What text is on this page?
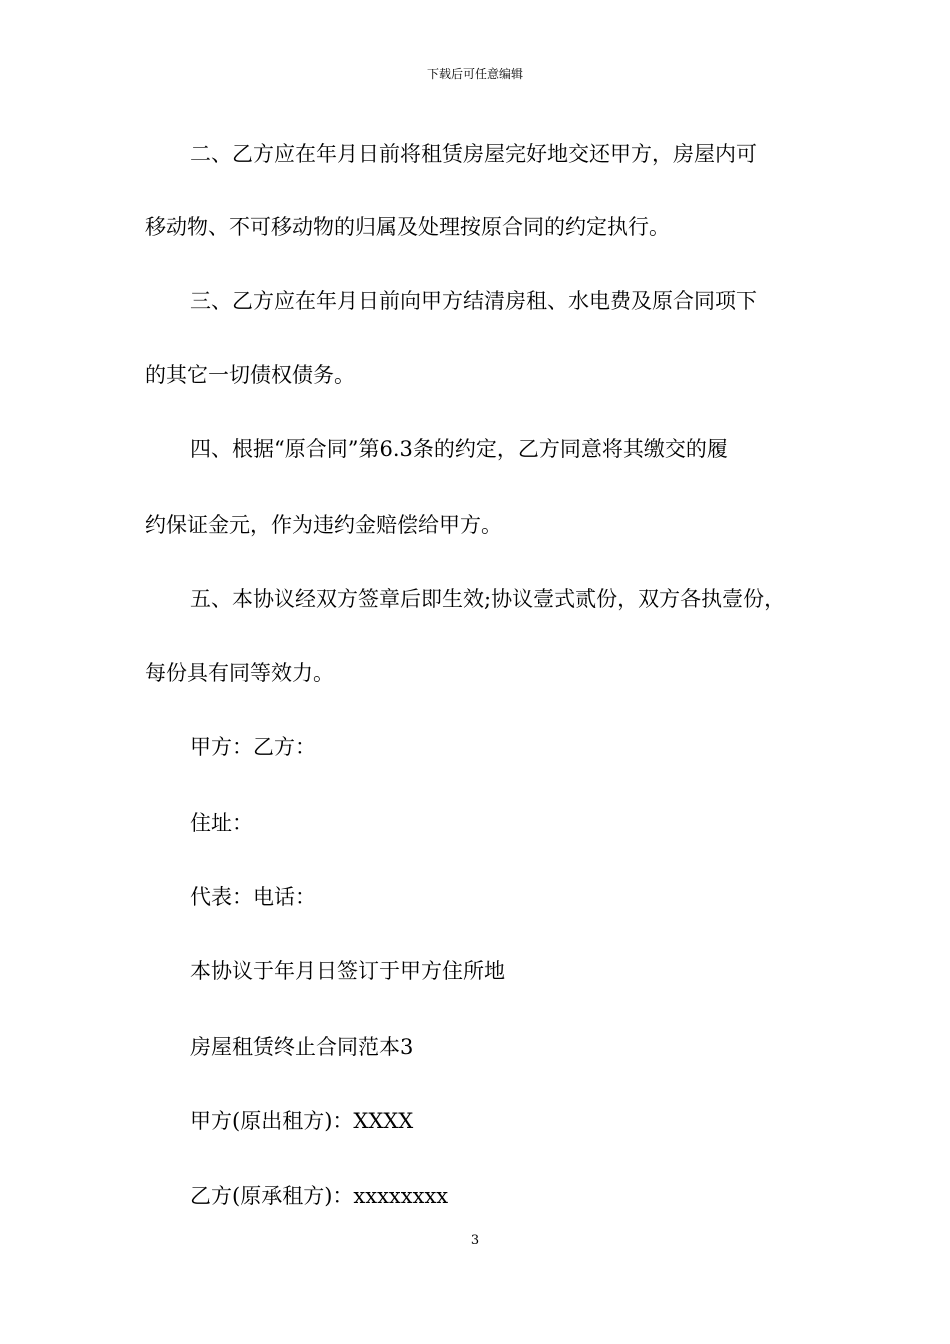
下载后可任意编辑
二、乙方应在年月日前将租赁房屋完好地交还甲方，房屋内可
移动物、不可移动物的归属及处理按原合同的约定执行。
三、乙方应在年月日前向甲方结清房租、水电费及原合同项下
的其它一切债权债务。
四、根据“原合同”第6.3条的约定，乙方同意将其缴交的履
约保证金元，作为违约金赔偿给甲方。
五、本协议经双方签章后即生效;协议壹式贰份，双方各执壹份，
每份具有同等效力。
甲方：乙方：
住址：
代表：电话：
本协议于年月日签订于甲方住所地
房屋租赁终止合同范本3
甲方(原出租方)：XXXX
乙方(原承租方)：xxxxxxxx
3
